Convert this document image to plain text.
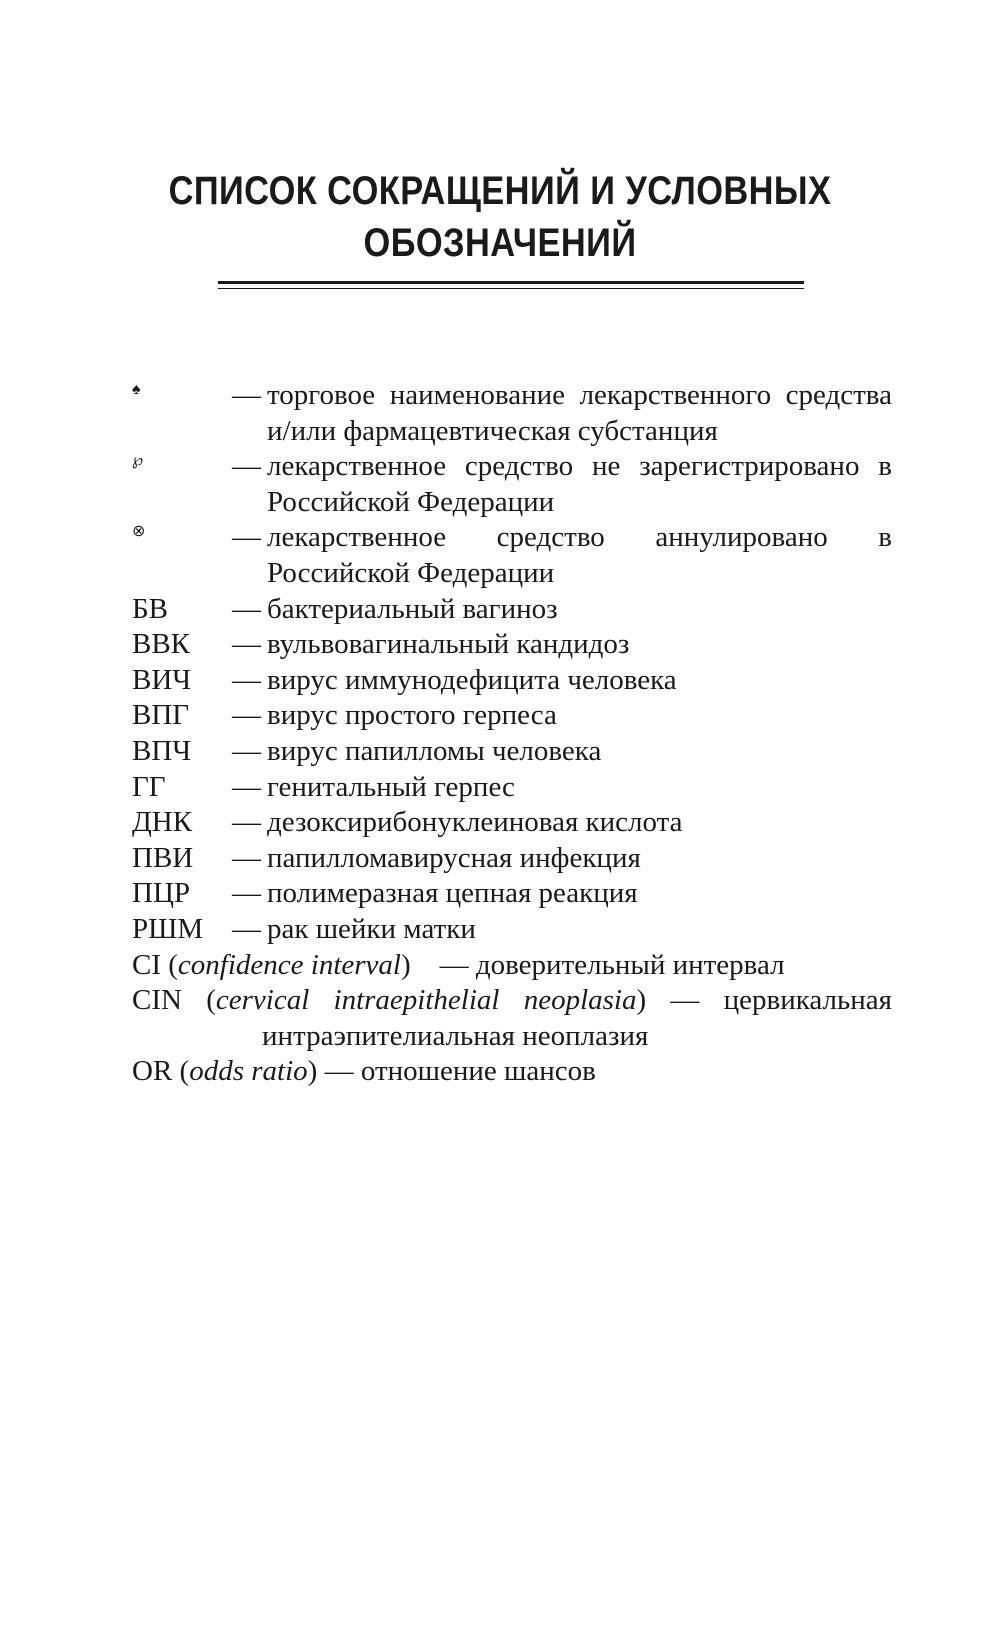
СПИСОК СОКРАЩЕНИЙ И УСЛОВНЫХ
ОБОЗНАЧЕНИЙ
♠	— торговое наименование лекарственного средства и/или фармацевтическая субстанция
℘	— лекарственное средство не зарегистрировано в Российской Федерации
⊗	— лекарственное средство аннулировано в Российской Федерации
БВ	— бактериальный вагиноз
ВВК	— вульвовагинальный кандидоз
ВИЧ	— вирус иммунодефицита человека
ВПГ	— вирус простого герпеса
ВПЧ	— вирус папилломы человека
ГГ	— генитальный герпес
ДНК	— дезоксирибонуклеиновая кислота
ПВИ	— папилломавирусная инфекция
ПЦР	— полимеразная цепная реакция
РШМ — рак шейки матки
CI (confidence interval)    — доверительный интервал
CIN (cervical intraepithelial neoplasia) — цервикальная
интраэпителиальная неоплазия
OR (odds ratio) — отношение шансов
